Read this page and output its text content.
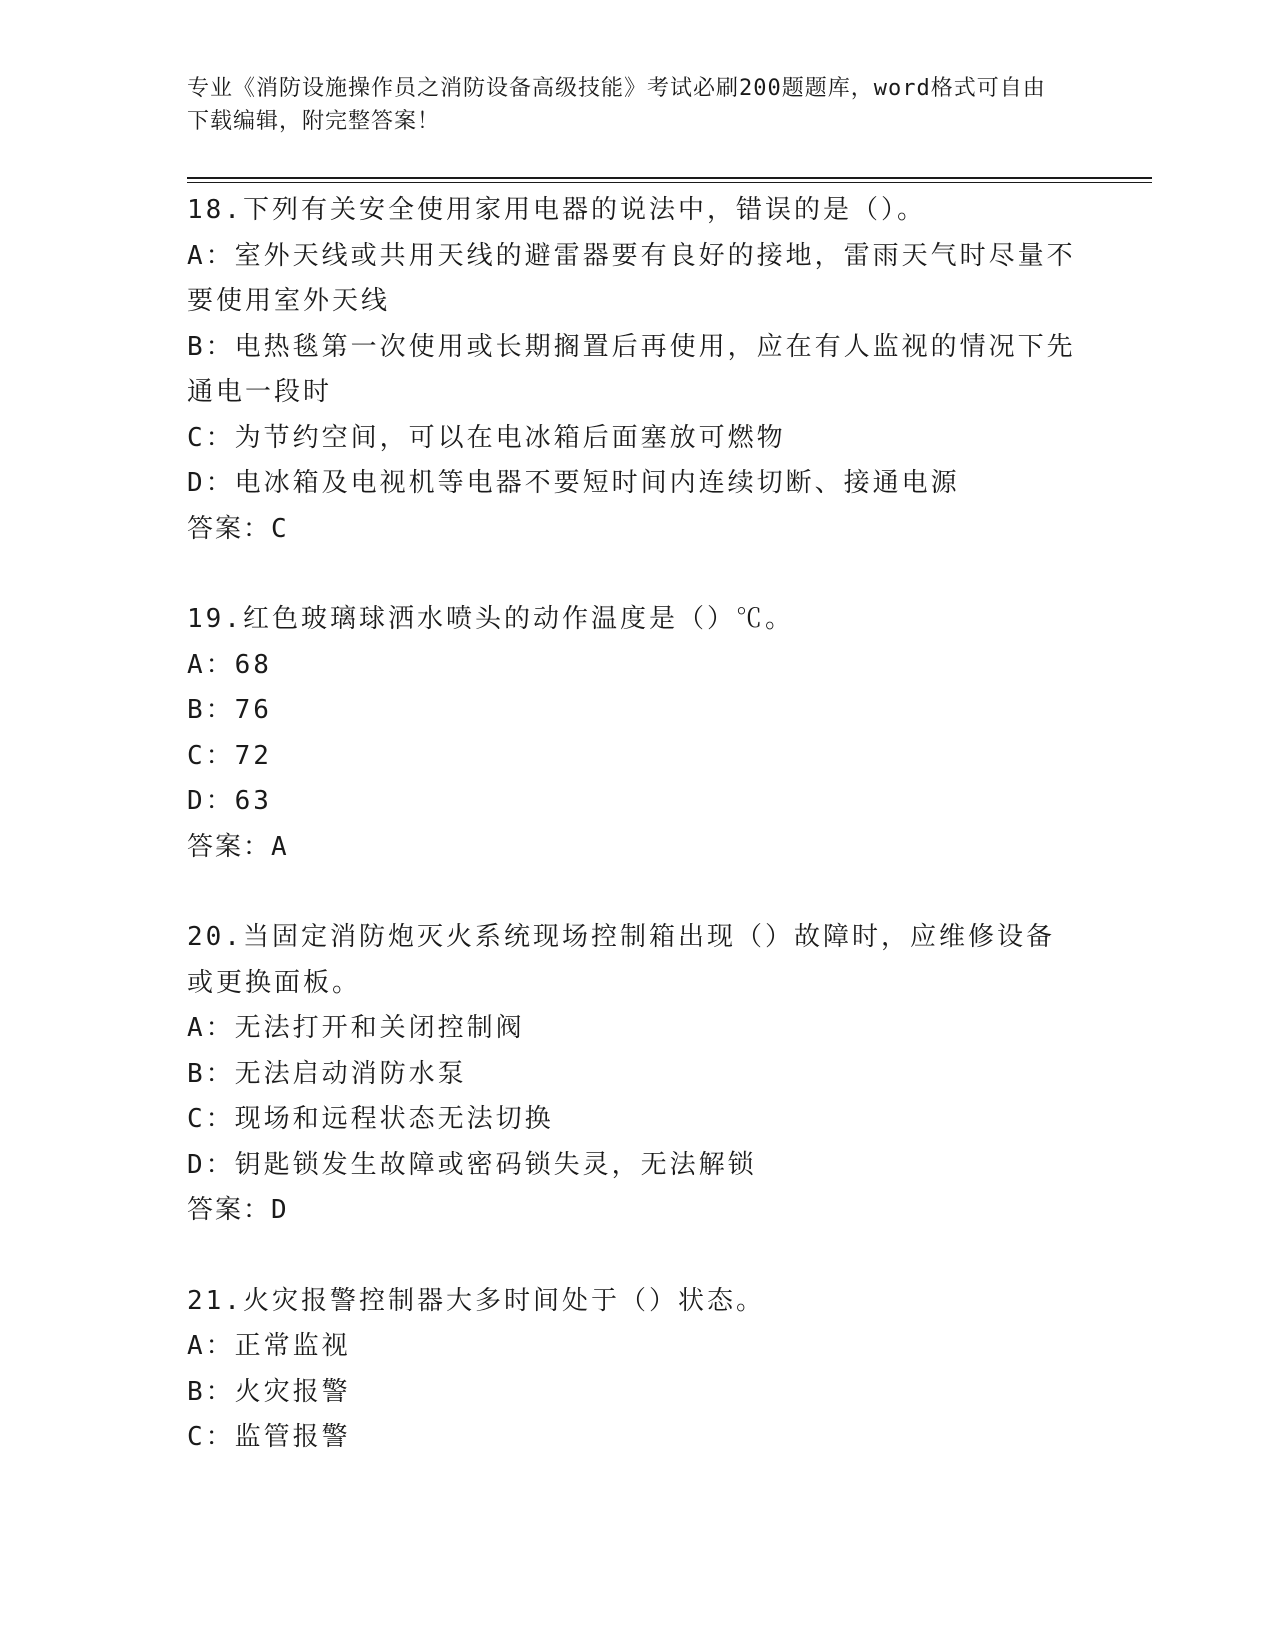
专业《消防设施操作员之消防设备高级技能》考试必刷200题题库，word格式可自由下载编辑，附完整答案！

18.下列有关安全使用家用电器的说法中，错误的是（）。

A：室外天线或共用天线的避雷器要有良好的接地，雷雨天气时尽量不要使用室外天线

B：电热毯第一次使用或长期搁置后再使用，应在有人监视的情况下先通电一段时

C：为节约空间，可以在电冰箱后面塞放可燃物

D：电冰箱及电视机等电器不要短时间内连续切断、接通电源

答案：C

19.红色玻璃球洒水喷头的动作温度是（）℃。

A：68

B：76

C：72

D：63

答案：A

20.当固定消防炮灭火系统现场控制箱出现（）故障时，应维修设备或更换面板。

A：无法打开和关闭控制阀

B：无法启动消防水泵

C：现场和远程状态无法切换

D：钥匙锁发生故障或密码锁失灵，无法解锁

答案：D

21.火灾报警控制器大多时间处于（）状态。

A：正常监视

B：火灾报警

C：监管报警
